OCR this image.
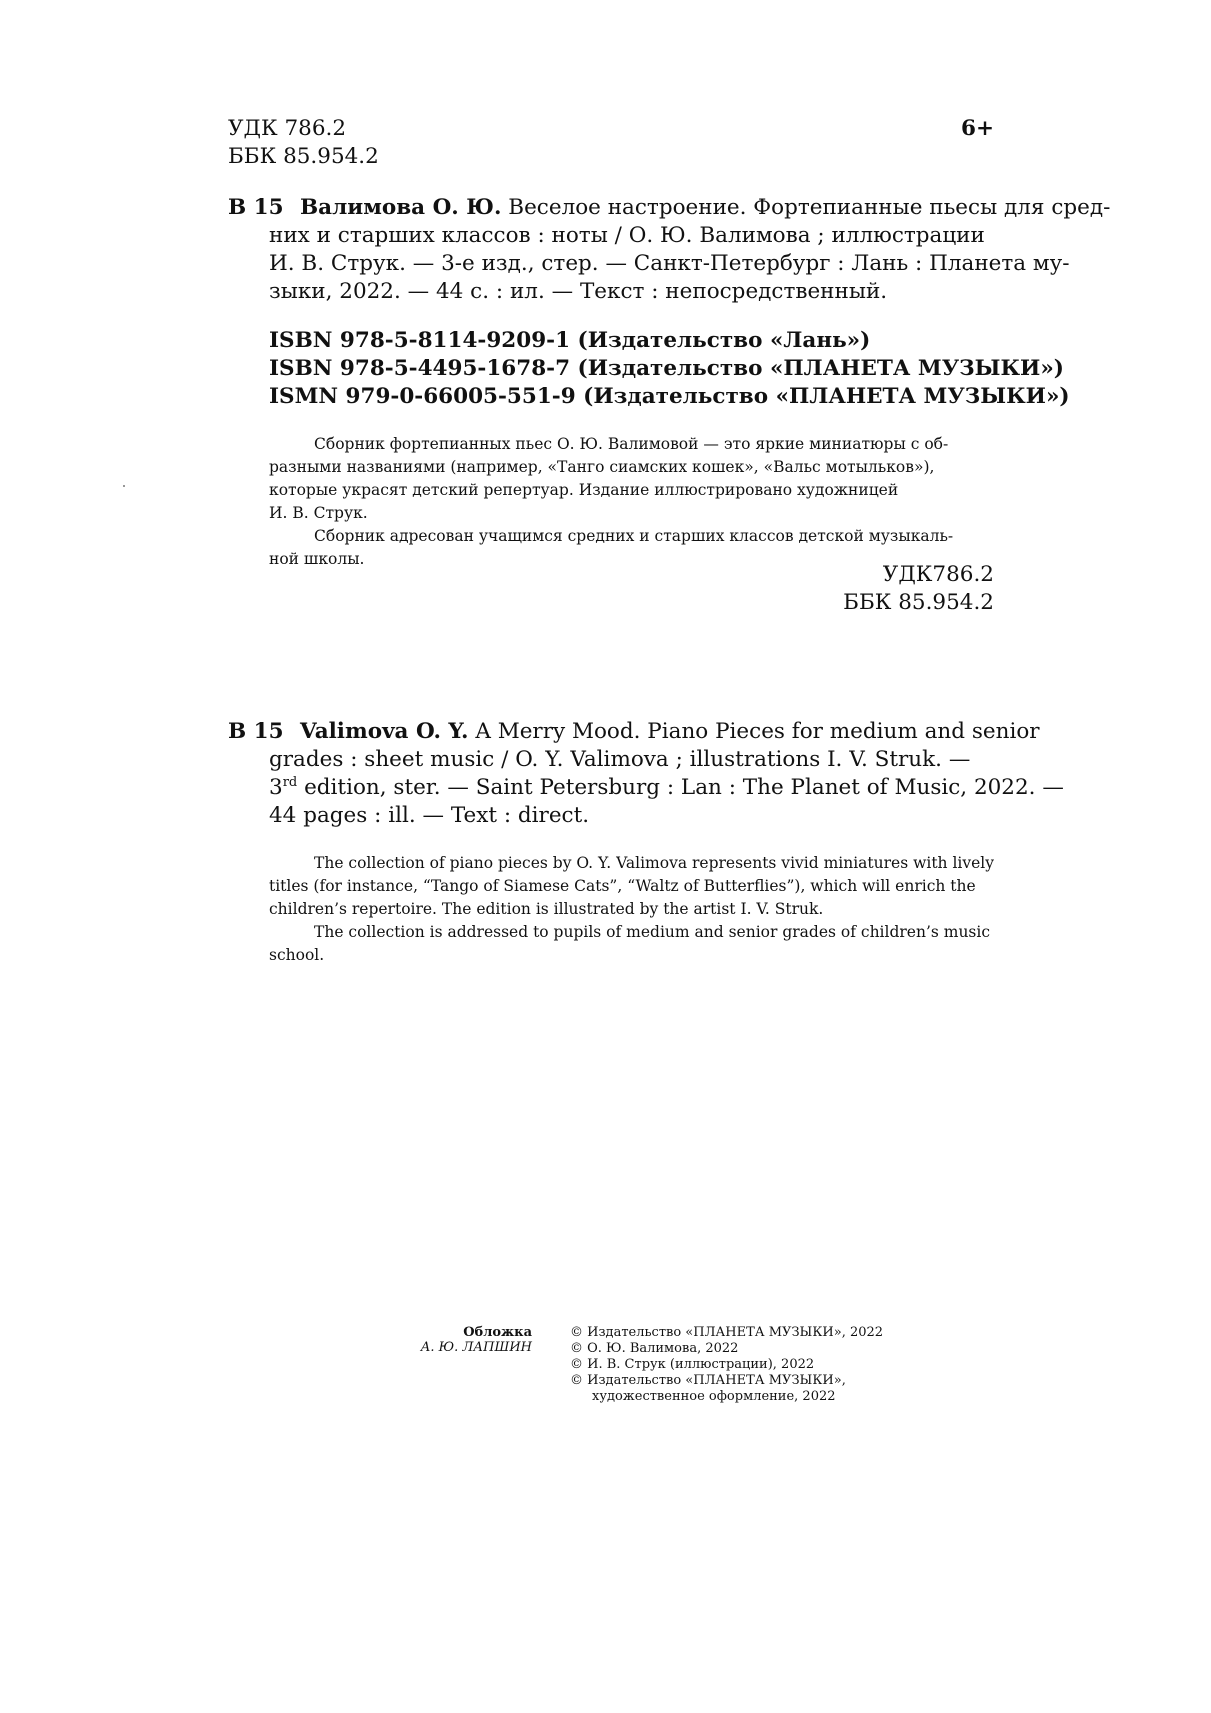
УДК 786.2
ББК 85.954.2
6+
В 15 Валимова О. Ю. Веселое настроение. Фортепианные пьесы для сред-
них и старших классов : ноты / О. Ю. Валимова ; иллюстрации
И. В. Струк. — 3-е изд., стер. — Санкт-Петербург : Лань : Планета му-
зыки, 2022. — 44 с. : ил. — Текст : непосредственный.
ISBN 978-5-8114-9209-1 (Издательство «Лань»)
ISBN 978-5-4495-1678-7 (Издательство «ПЛАНЕТА МУЗЫКИ»)
ISMN 979-0-66005-551-9 (Издательство «ПЛАНЕТА МУЗЫКИ»)
Сборник фортепианных пьес О. Ю. Валимовой — это яркие миниатюры с об-
разными названиями (например, «Танго сиамских кошек», «Вальс мотыльков»),
которые украсят детский репертуар. Издание иллюстрировано художницей
И. В. Струк.
Сборник адресован учащимся средних и старших классов детской музыкаль-
ной школы.
УДК786.2
ББК 85.954.2
В 15 Valimova O. Y. A Merry Mood. Piano Pieces for medium and senior
grades : sheet music / O. Y. Valimova ; illustrations I. V. Struk. —
3rd edition, ster. — Saint Petersburg : Lan : The Planet of Music, 2022. —
44 pages : ill. — Text : direct.
The collection of piano pieces by O. Y. Valimova represents vivid miniatures with lively
titles (for instance, “Tango of Siamese Cats”, “Waltz of Butterflies”), which will enrich the
children’s repertoire. The edition is illustrated by the artist I. V. Struk.
The collection is addressed to pupils of medium and senior grades of children’s music
school.
Обложка
А. Ю. ЛАПШИН
© Издательство «ПЛАНЕТА МУЗЫКИ», 2022
© О. Ю. Валимова, 2022
© И. В. Струк (иллюстрации), 2022
© Издательство «ПЛАНЕТА МУЗЫКИ»,
художественное оформление, 2022
